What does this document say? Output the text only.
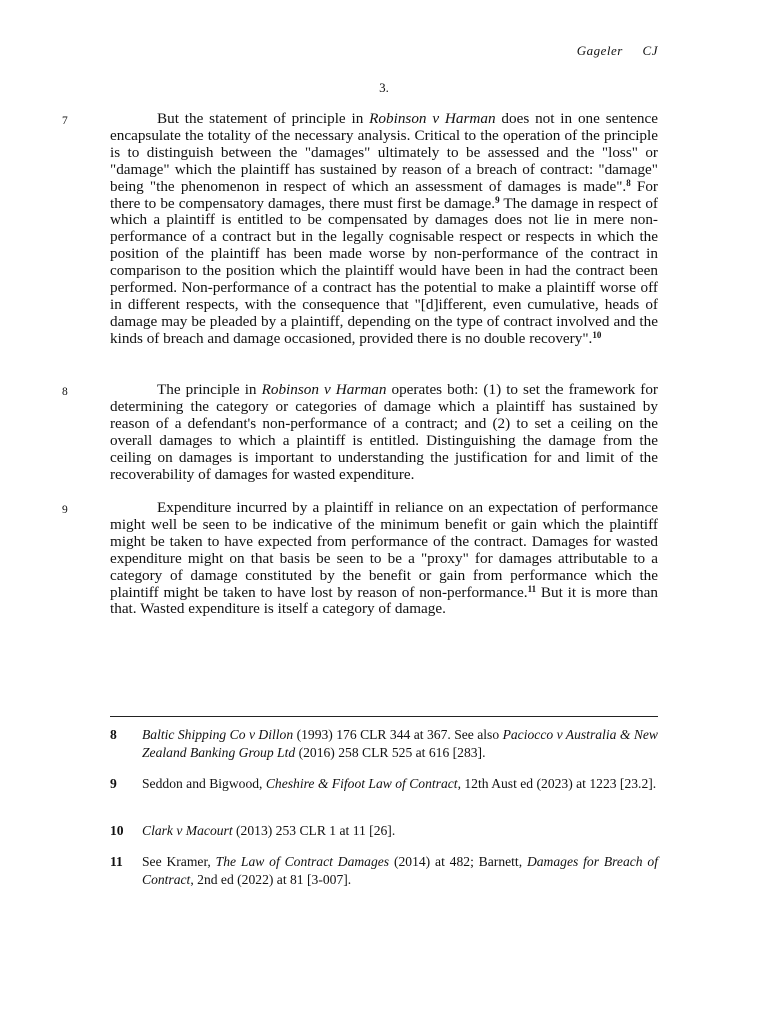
Gageler CJ
3.
7	But the statement of principle in Robinson v Harman does not in one sentence encapsulate the totality of the necessary analysis. Critical to the operation of the principle is to distinguish between the "damages" ultimately to be assessed and the "loss" or "damage" which the plaintiff has sustained by reason of a breach of contract: "damage" being "the phenomenon in respect of which an assessment of damages is made".$^8$ For there to be compensatory damages, there must first be damage.$^9$ The damage in respect of which a plaintiff is entitled to be compensated by damages does not lie in mere non-performance of a contract but in the legally cognisable respect or respects in which the position of the plaintiff has been made worse by non-performance of the contract in comparison to the position which the plaintiff would have been in had the contract been performed. Non-performance of a contract has the potential to make a plaintiff worse off in different respects, with the consequence that "[d]ifferent, even cumulative, heads of damage may be pleaded by a plaintiff, depending on the type of contract involved and the kinds of breach and damage occasioned, provided there is no double recovery".$^{10}$

8	The principle in Robinson v Harman operates both: (1) to set the framework for determining the category or categories of damage which a plaintiff has sustained by reason of a defendant's non-performance of a contract; and (2) to set a ceiling on the overall damages to which a plaintiff is entitled. Distinguishing the damage from the ceiling on damages is important to understanding the justification for and limit of the recoverability of damages for wasted expenditure.

9	Expenditure incurred by a plaintiff in reliance on an expectation of performance might well be seen to be indicative of the minimum benefit or gain which the plaintiff might be taken to have expected from performance of the contract. Damages for wasted expenditure might on that basis be seen to be a "proxy" for damages attributable to a category of damage constituted by the benefit or gain from performance which the plaintiff might be taken to have lost by reason of non-performance.$^{11}$ But it is more than that. Wasted expenditure is itself a category of damage.

8	Baltic Shipping Co v Dillon (1993) 176 CLR 344 at 367. See also Paciocco v Australia & New Zealand Banking Group Ltd (2016) 258 CLR 525 at 616 [283].
9	Seddon and Bigwood, Cheshire & Fifoot Law of Contract, 12th Aust ed (2023) at 1223 [23.2].
10	Clark v Macourt (2013) 253 CLR 1 at 11 [26].
11	See Kramer, The Law of Contract Damages (2014) at 482; Barnett, Damages for Breach of Contract, 2nd ed (2022) at 81 [3-007].
